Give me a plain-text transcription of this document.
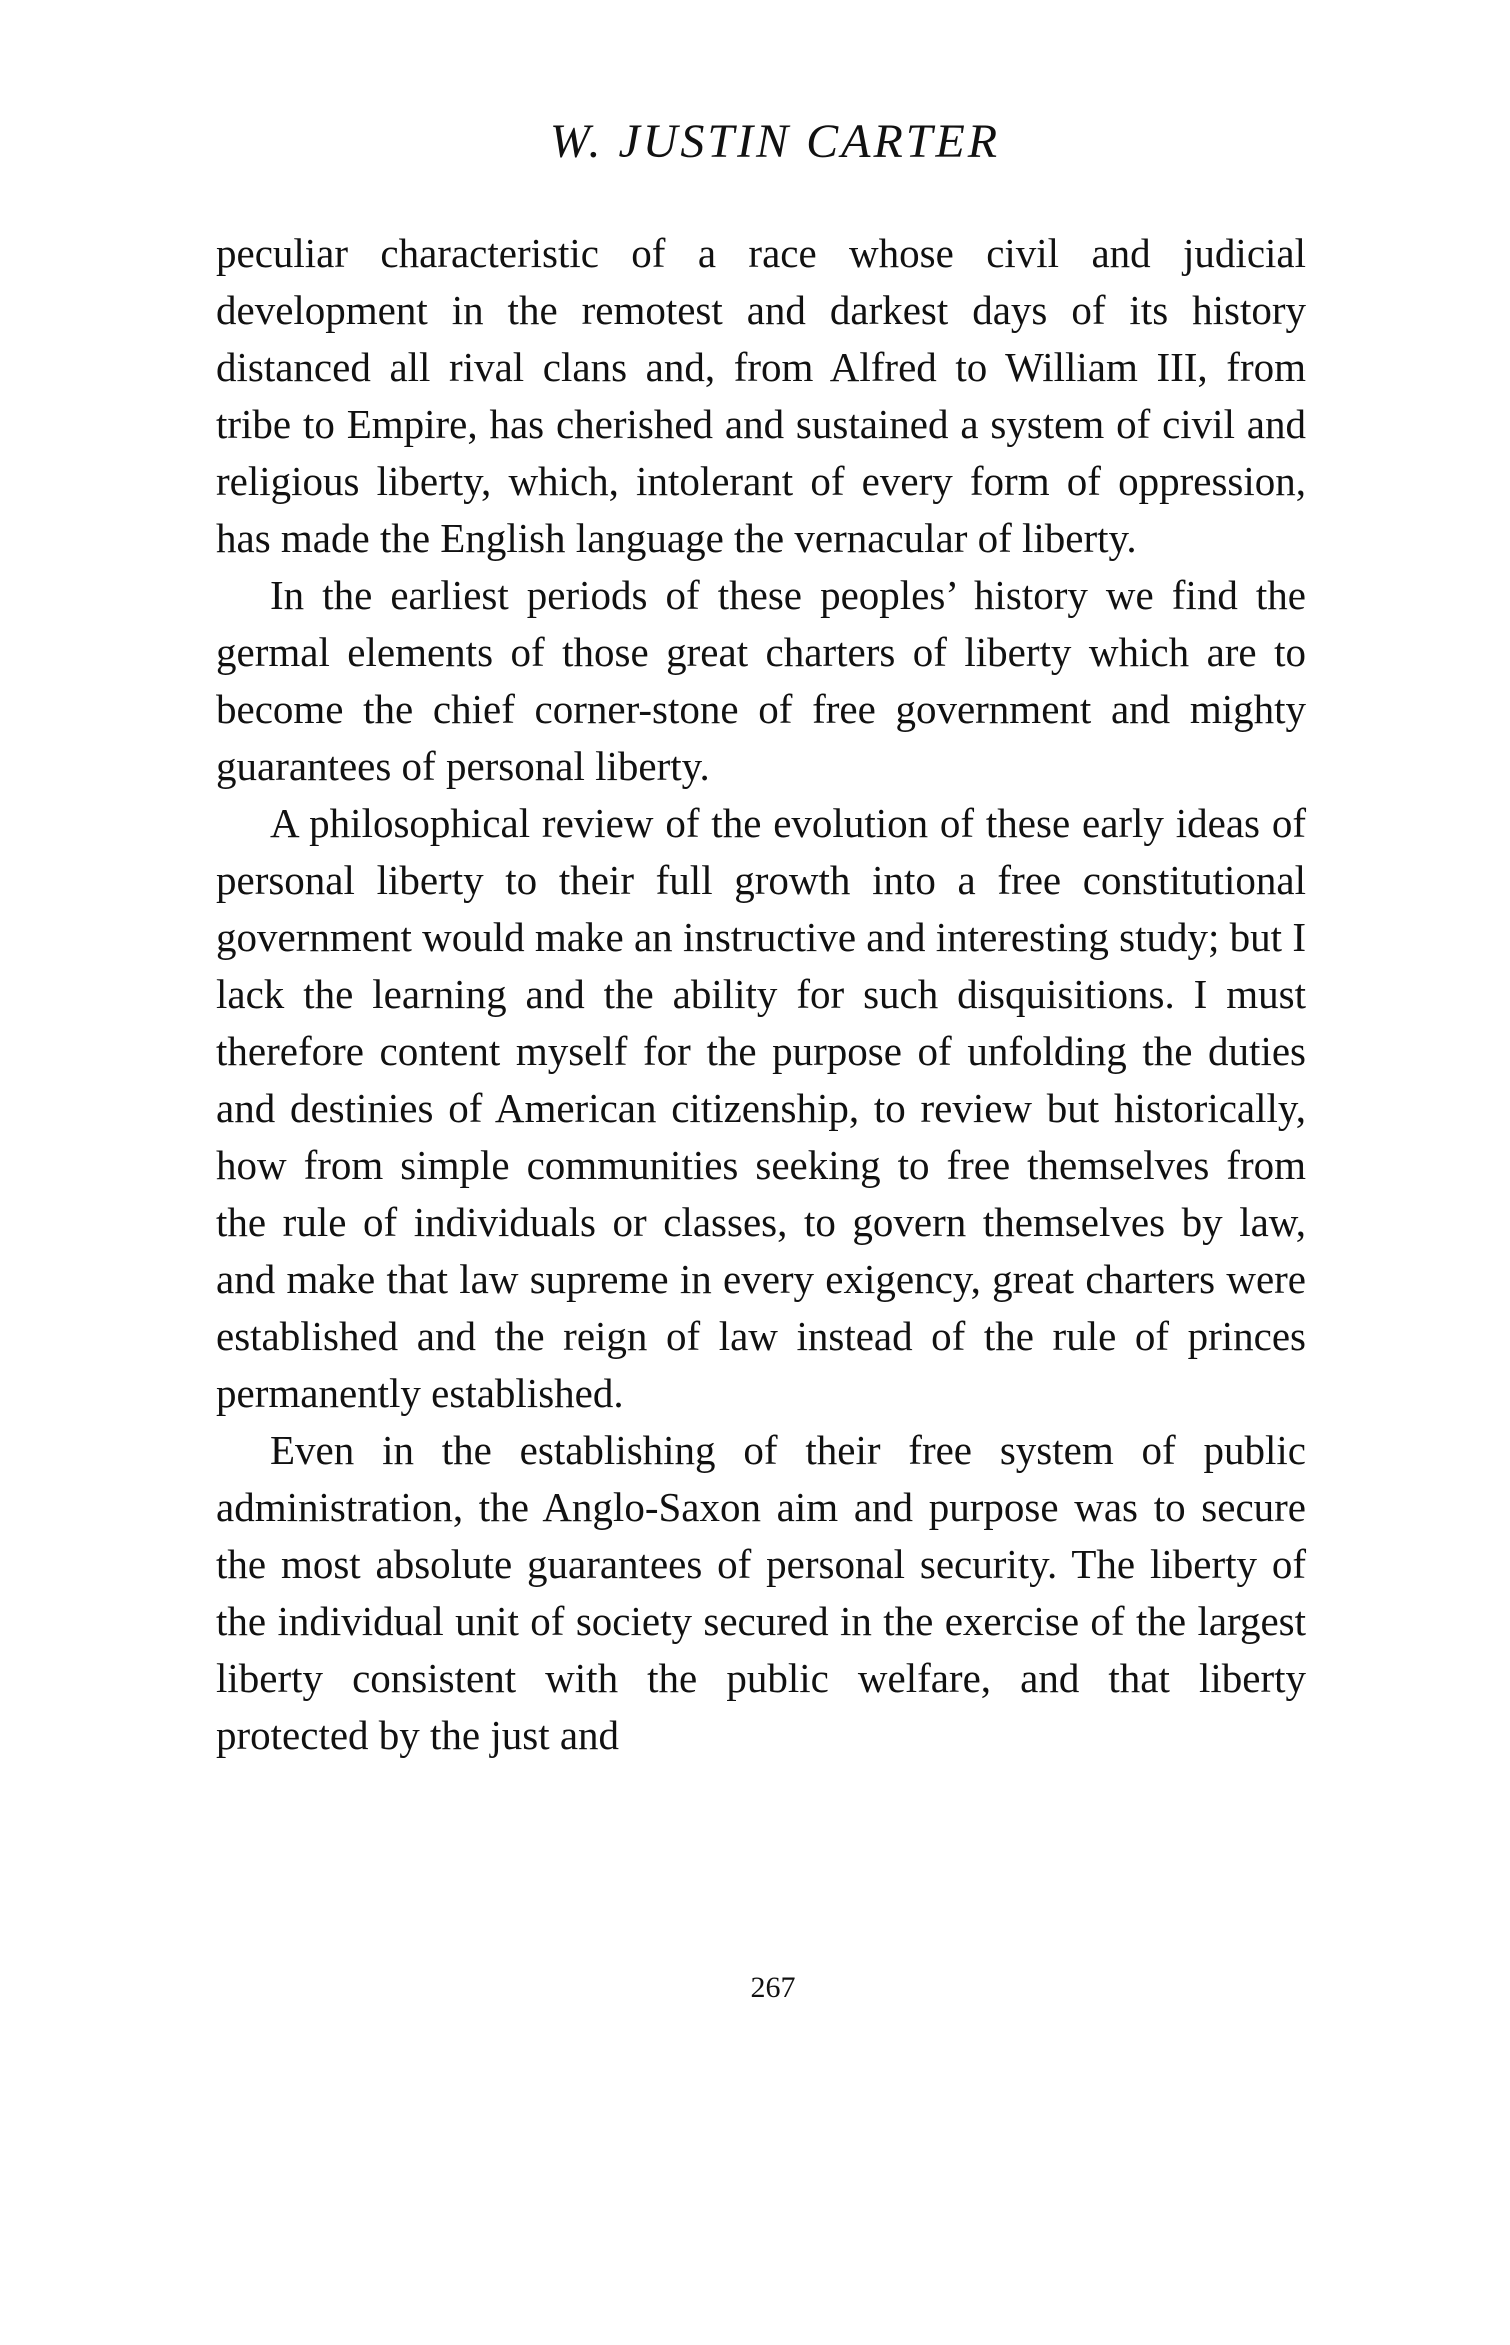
W. JUSTIN CARTER

peculiar characteristic of a race whose civil and judicial development in the remotest and darkest days of its history distanced all rival clans and, from Alfred to William III, from tribe to Empire, has cherished and sustained a system of civil and religious liberty, which, intolerant of every form of oppression, has made the English language the vernacular of liberty.

In the earliest periods of these peoples’ history we find the germal elements of those great charters of liberty which are to become the chief corner-stone of free government and mighty guarantees of personal liberty.

A philosophical review of the evolution of these early ideas of personal liberty to their full growth into a free constitutional government would make an instructive and interesting study; but I lack the learning and the ability for such disquisitions. I must therefore content myself for the purpose of unfolding the duties and destinies of American citizenship, to review but historically, how from simple communities seeking to free themselves from the rule of individuals or classes, to govern themselves by law, and make that law supreme in every exigency, great charters were established and the reign of law instead of the rule of princes permanently established.

Even in the establishing of their free system of public administration, the Anglo-Saxon aim and purpose was to secure the most absolute guarantees of personal security. The liberty of the individual unit of society secured in the exercise of the largest liberty consistent with the public welfare, and that liberty protected by the just and

267
